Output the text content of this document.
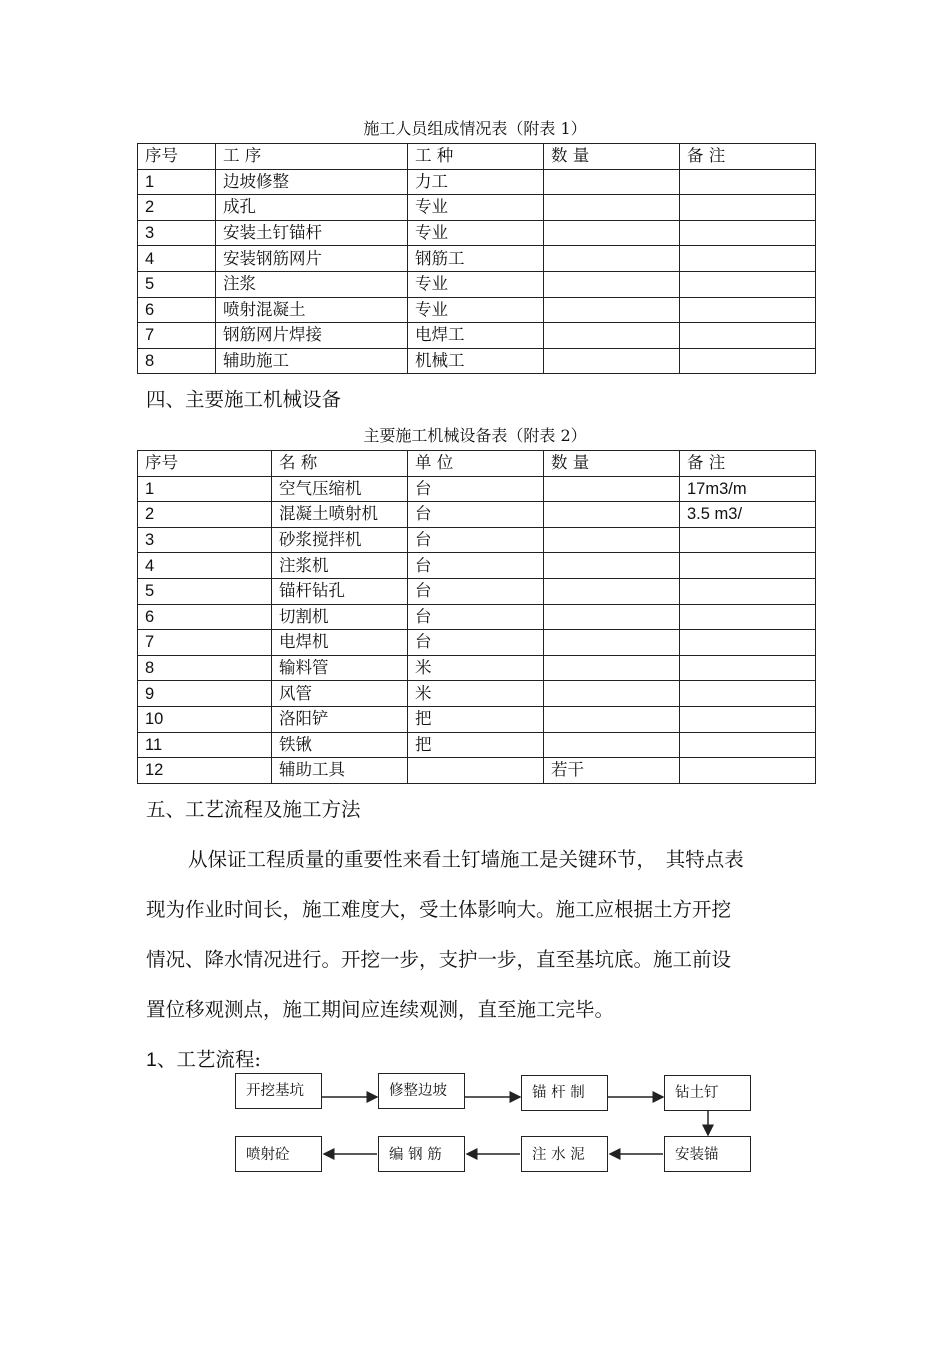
施工人员组成情况表（附表 1）
序号	工 序	工 种	数 量	备 注
1	边坡修整	力工		
2	成孔	专业		
3	安装土钉锚杆	专业		
4	安装钢筋网片	钢筋工		
5	注浆	专业		
6	喷射混凝土	专业		
7	钢筋网片焊接	电焊工		
8	辅助施工	机械工		
四、主要施工机械设备
主要施工机械设备表（附表 2）
序号	名 称	单 位	数 量	备 注
1	空气压缩机	台		17m3/m
2	混凝土喷射机	台		3.5 m3/
3	砂浆搅拌机	台		
4	注浆机	台		
5	锚杆钻孔	台		
6	切割机	台		
7	电焊机	台		
8	输料管	米		
9	风管	米		
10	洛阳铲	把		
11	铁锹	把		
12	辅助工具		若干	
五、工艺流程及施工方法
从保证工程质量的重要性来看土钉墙施工是关键环节，　其特点表
现为作业时间长，施工难度大，受土体影响大。施工应根据土方开挖
情况、降水情况进行。开挖一步，支护一步，直至基坑底。施工前设
置位移观测点，施工期间应连续观测，直至施工完毕。
1、工艺流程:
开挖基坑	修整边坡	锚 杆 制	钻土钉
喷射砼	编 钢 筋	注 水 泥	安装锚
